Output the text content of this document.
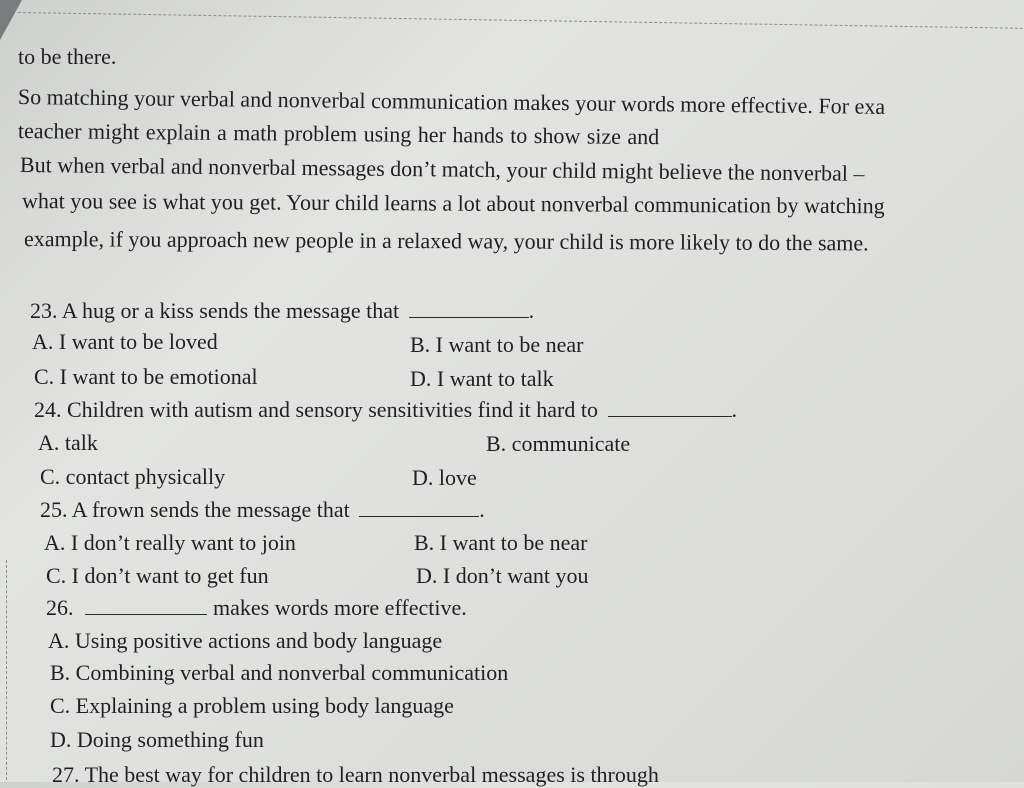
to be there.
So matching your verbal and nonverbal communication makes your words more effective. For exa
teacher might explain a math problem using her hands to show size and
But when verbal and nonverbal messages don’t match, your child might believe the nonverbal –
what you see is what you get. Your child learns a lot about nonverbal communication by watching
example, if you approach new people in a relaxed way, your child is more likely to do the same.
23. A hug or a kiss sends the message that	.
A. I want to be loved	B. I want to be near
C. I want to be emotional	D. I want to talk
24. Children with autism and sensory sensitivities find it hard to	.
A. talk	B. communicate
C. contact physically	D. love
25. A frown sends the message that	.
A. I don’t really want to join	B. I want to be near
C. I don’t want to get fun	D. I don’t want you
26.	makes words more effective.
A. Using positive actions and body language
B. Combining verbal and nonverbal communication
C. Explaining a problem using body language
D. Doing something fun
27. The best way for children to learn nonverbal messages is through
